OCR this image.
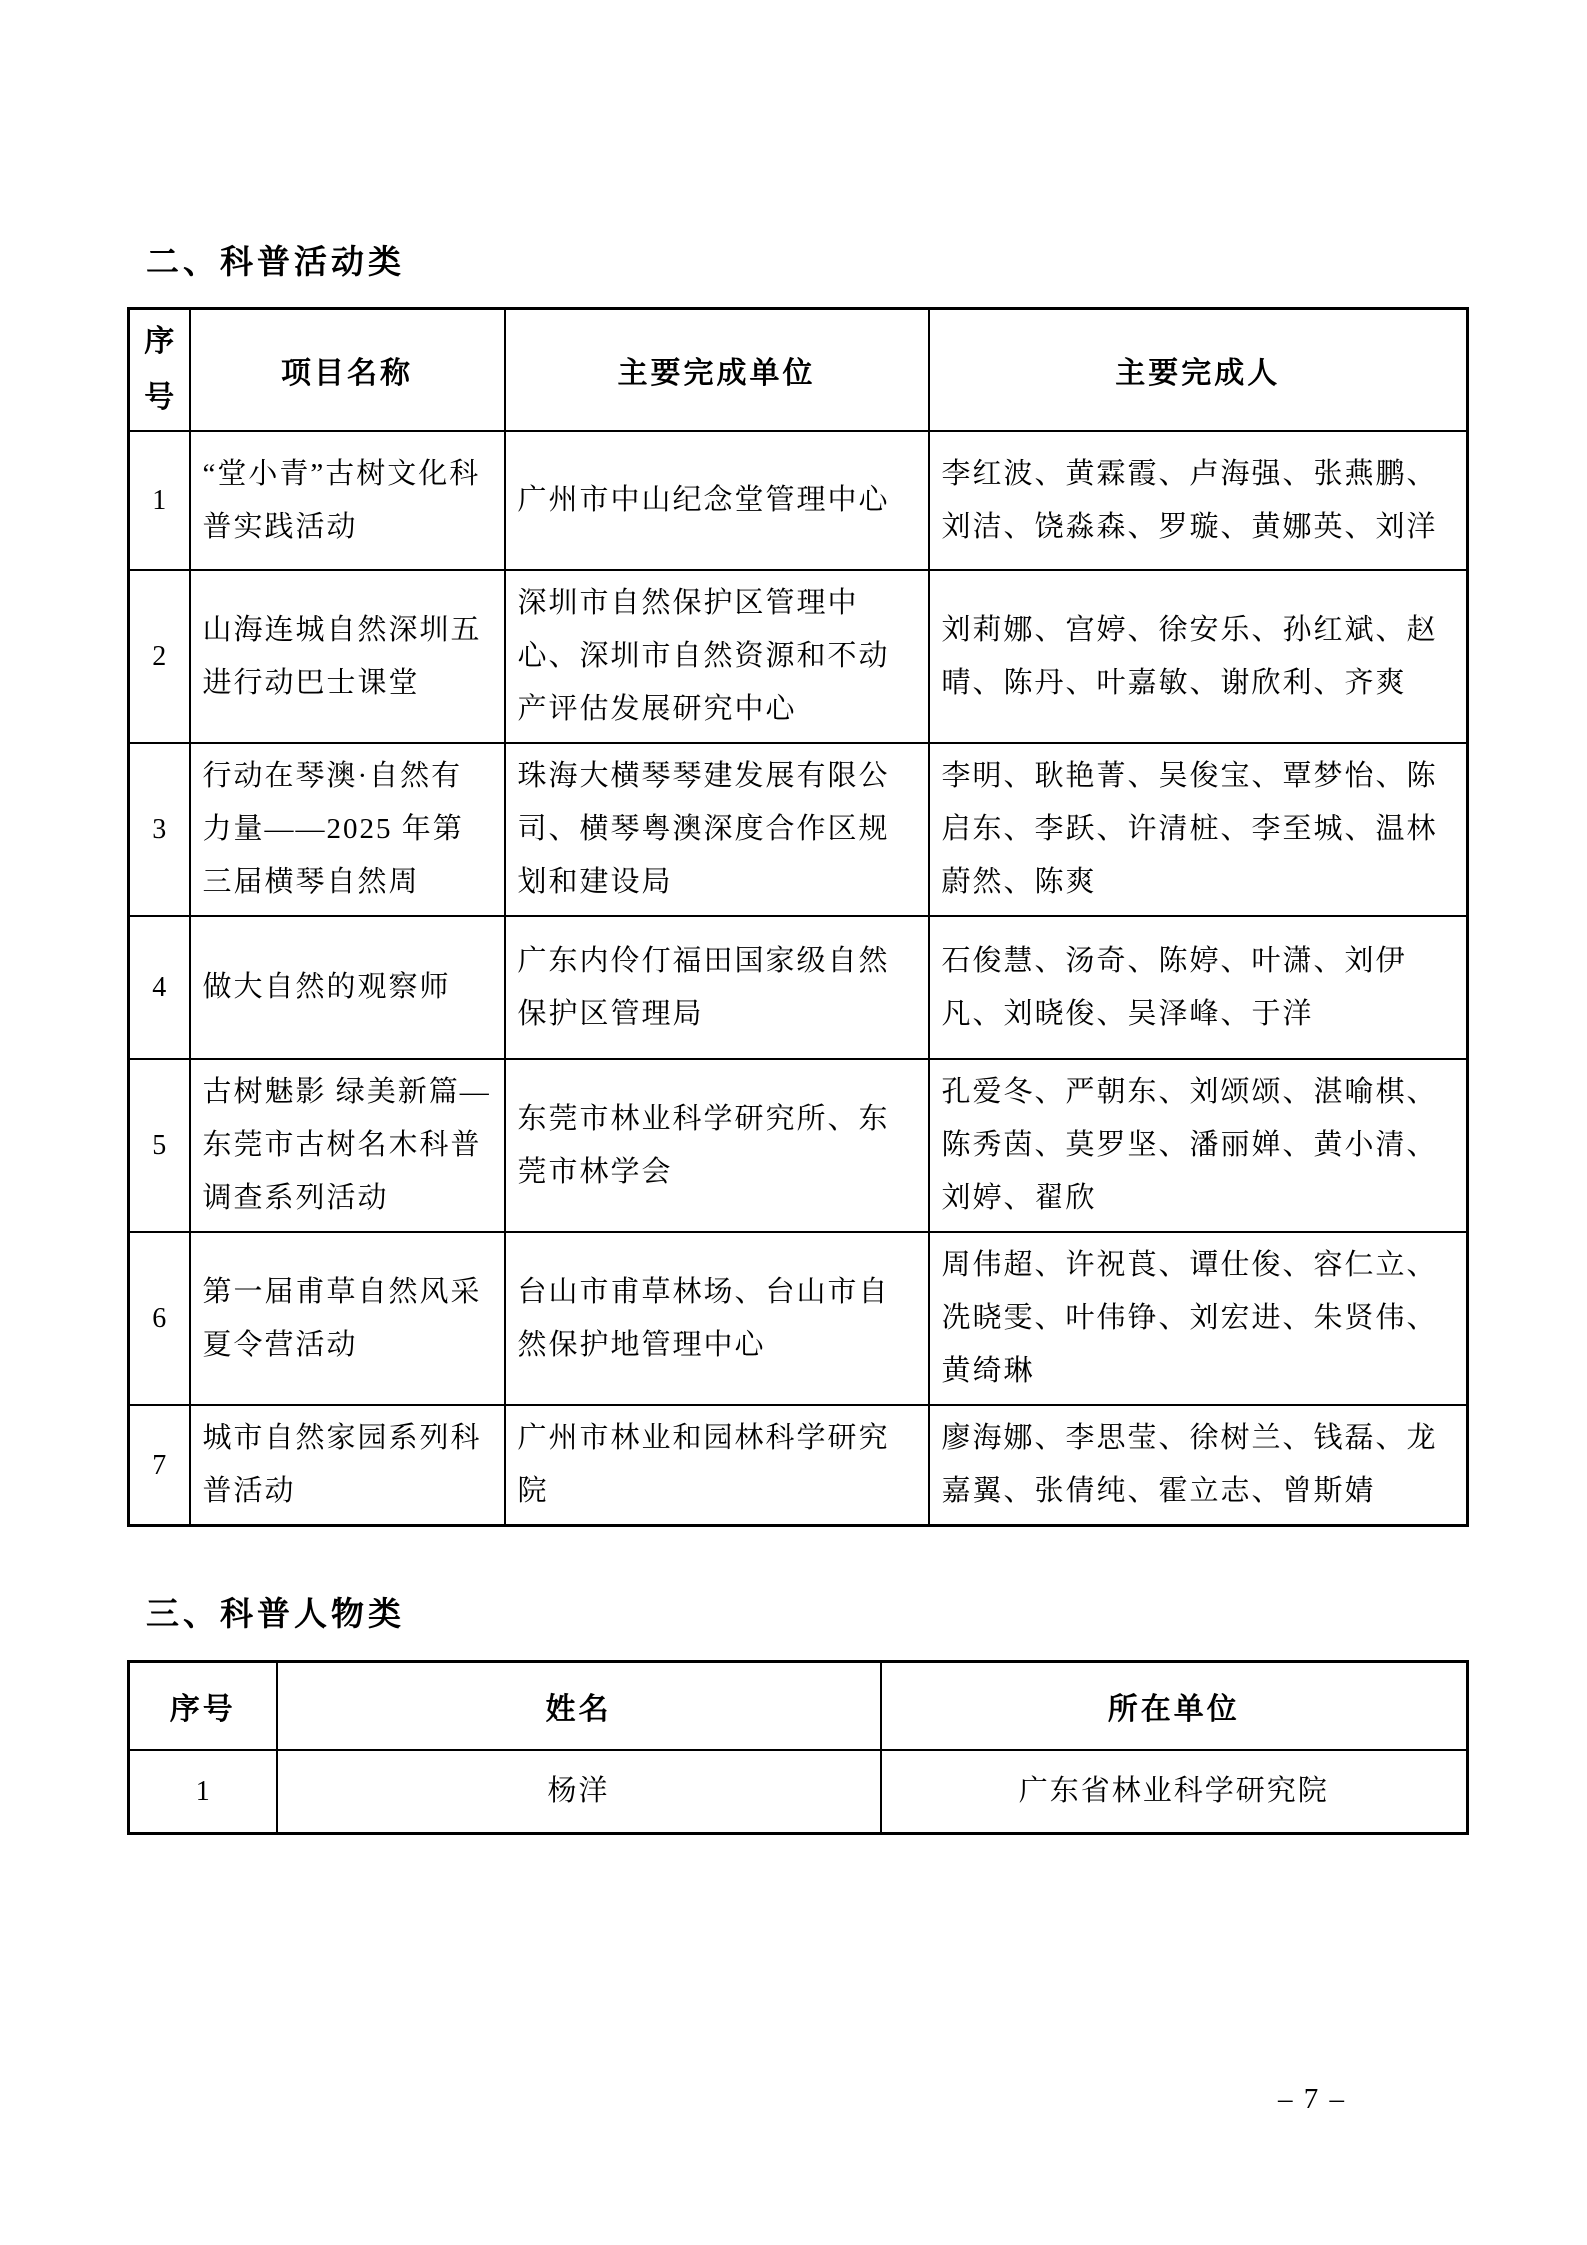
二、科普活动类
序号	项目名称	主要完成单位	主要完成人
1	“堂小青”古树文化科普实践活动	广州市中山纪念堂管理中心	李红波、黄霖霞、卢海强、张燕鹏、刘洁、饶淼森、罗璇、黄娜英、刘洋
2	山海连城自然深圳五进行动巴士课堂	深圳市自然保护区管理中心、深圳市自然资源和不动产评估发展研究中心	刘莉娜、宫婷、徐安乐、孙红斌、赵晴、陈丹、叶嘉敏、谢欣利、齐爽
3	行动在琴澳·自然有力量——2025 年第三届横琴自然周	珠海大横琴琴建发展有限公司、横琴粤澳深度合作区规划和建设局	李明、耿艳菁、吴俊宝、覃梦怡、陈启东、李跃、许清桩、李至城、温林蔚然、陈爽
4	做大自然的观察师	广东内伶仃福田国家级自然保护区管理局	石俊慧、汤奇、陈婷、叶潇、刘伊凡、刘晓俊、吴泽峰、于洋
5	古树魅影 绿美新篇—东莞市古树名木科普调查系列活动	东莞市林业科学研究所、东莞市林学会	孔爱冬、严朝东、刘颂颂、湛喻棋、陈秀茵、莫罗坚、潘丽婵、黄小清、刘婷、翟欣
6	第一届甫草自然风采夏令营活动	台山市甫草林场、台山市自然保护地管理中心	周伟超、许祝莨、谭仕俊、容仁立、冼晓雯、叶伟铮、刘宏进、朱贤伟、黄绮琳
7	城市自然家园系列科普活动	广州市林业和园林科学研究院	廖海娜、李思莹、徐树兰、钱磊、龙嘉翼、张倩纯、霍立志、曾斯婧
三、科普人物类
序号	姓名	所在单位
1	杨洋	广东省林业科学研究院
– 7 –
